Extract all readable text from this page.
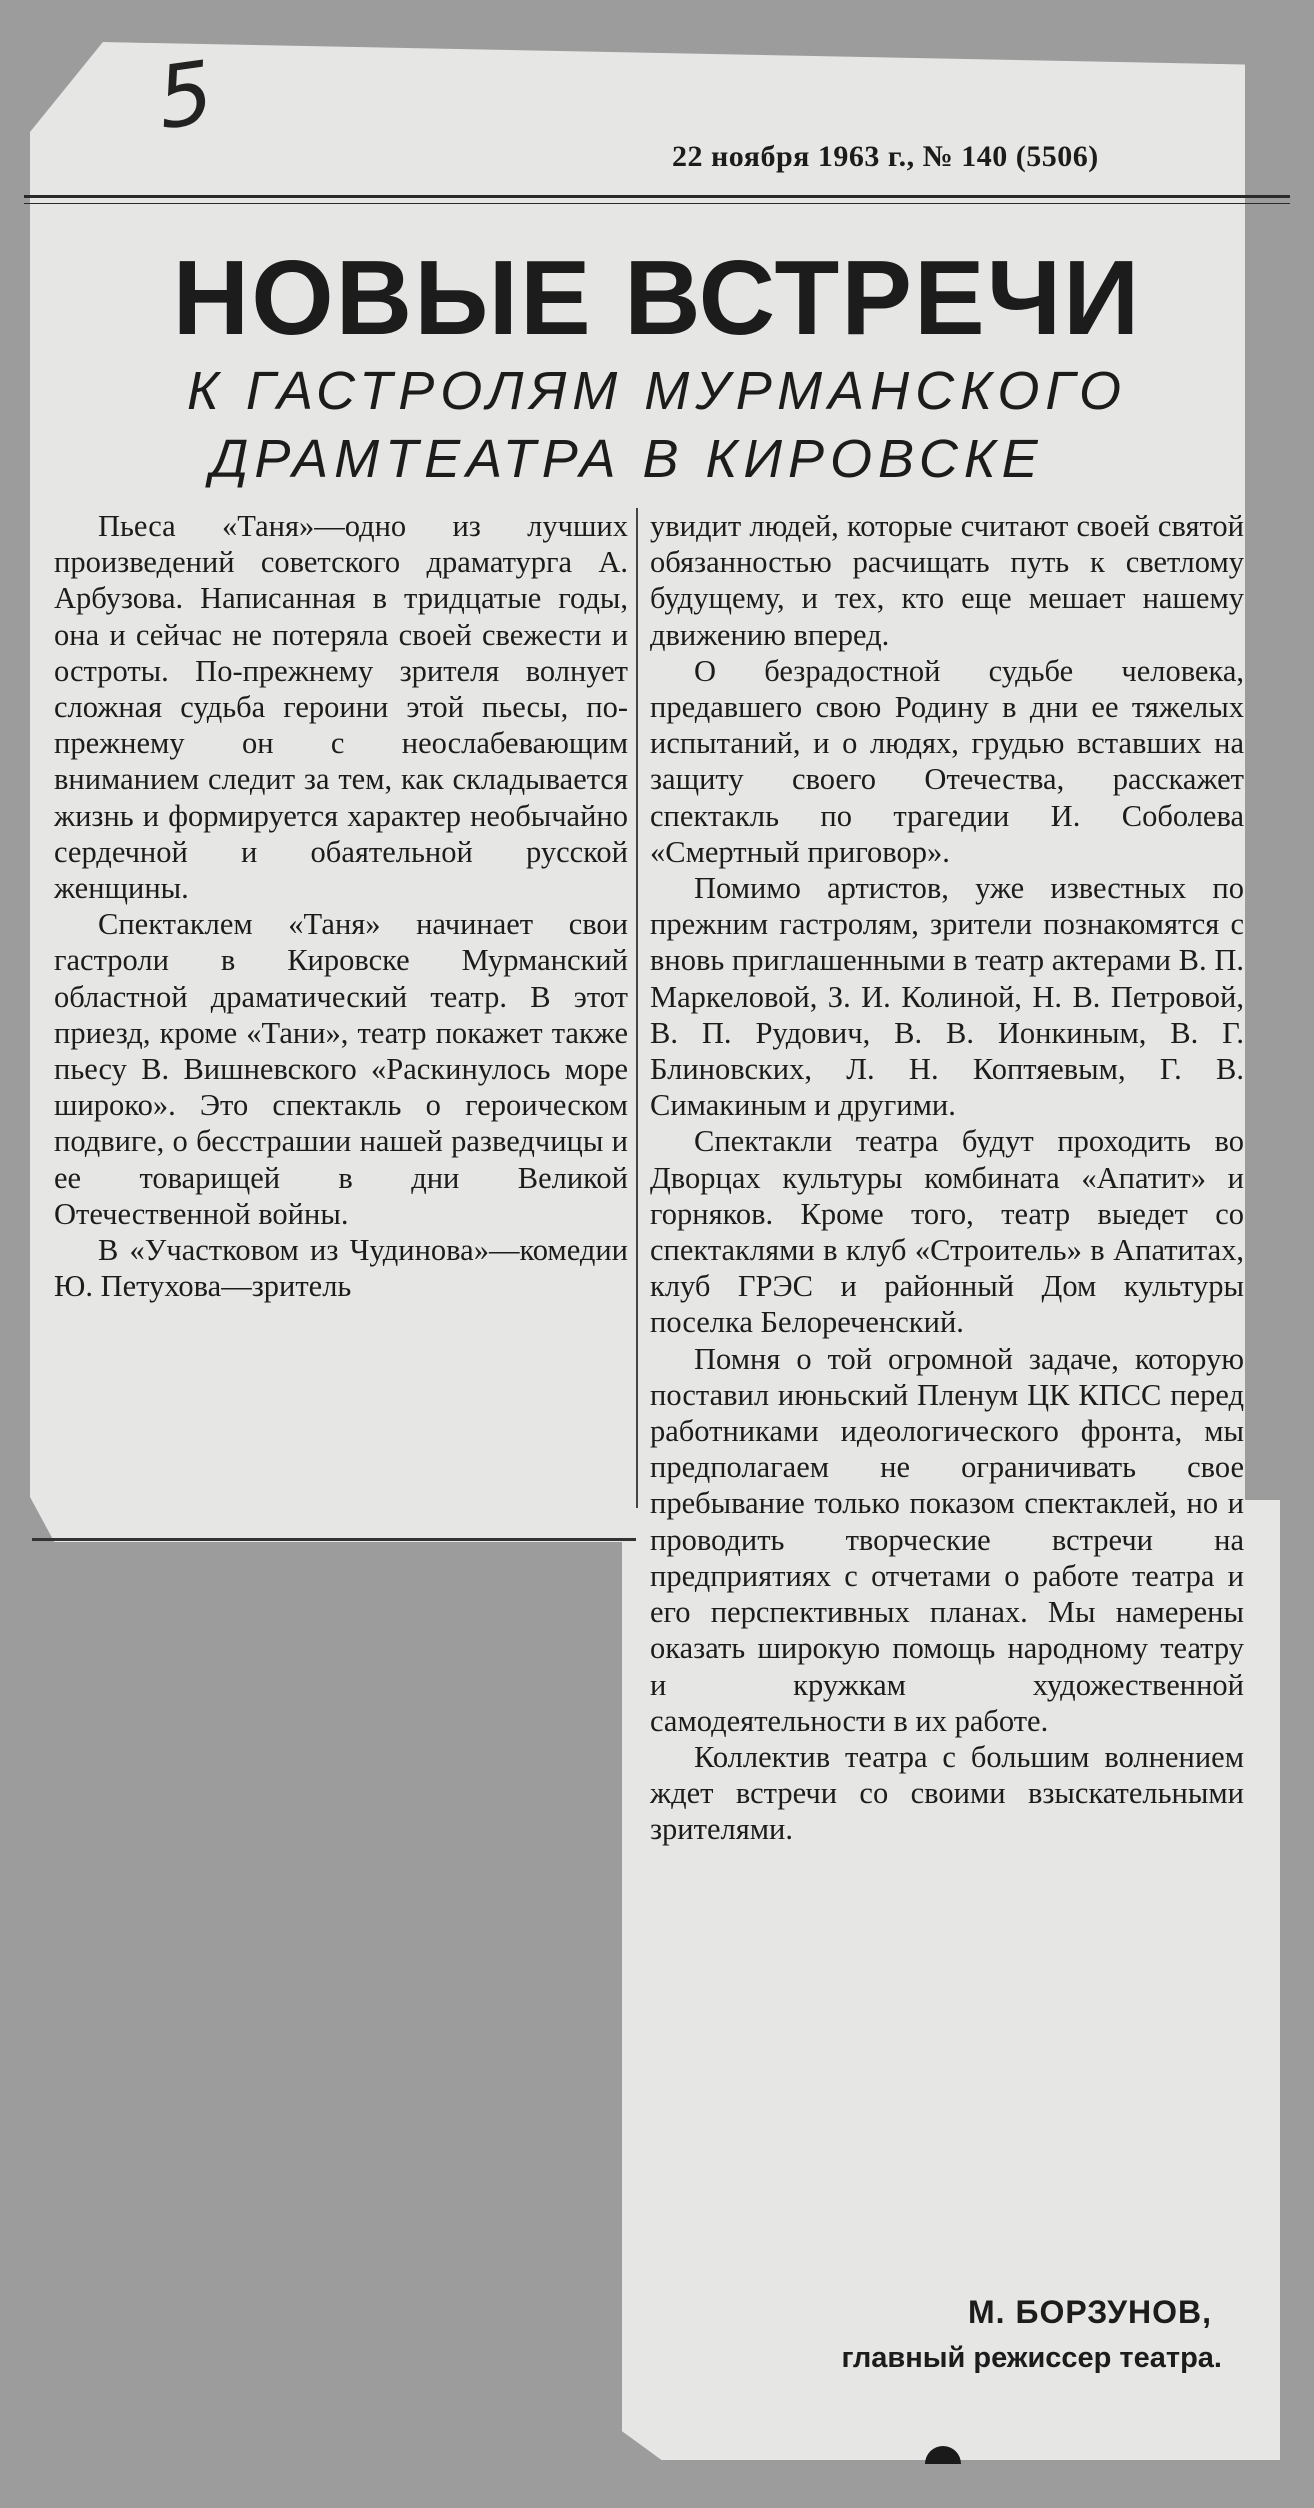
5
22 ноября 1963 г., № 140 (5506)
НОВЫЕ ВСТРЕЧИ
К ГАСТРОЛЯМ МУРМАНСКОГО
ДРАМТЕАТРА В КИРОВСКЕ

Пьеса «Таня»—одно из лучших произведений советского драматурга А. Арбузова. Написанная в тридцатые годы, она и сейчас не потеряла своей свежести и остроты. По-прежнему зрителя волнует сложная судьба героини этой пьесы, по-прежнему он с неослабевающим вниманием следит за тем, как складывается жизнь и формируется характер необычайно сердечной и обаятельной русской женщины.

Спектаклем «Таня» начинает свои гастроли в Кировске Мурманский областной драматический театр. В этот приезд, кроме «Тани», театр покажет также пьесу В. Вишневского «Раскинулось море широко». Это спектакль о героическом подвиге, о бесстрашии нашей разведчицы и ее товарищей в дни Великой Отечественной войны.

В «Участковом из Чудинова»—комедии Ю. Петухова—зритель

увидит людей, которые считают своей святой обязанностью расчищать путь к светлому будущему, и тех, кто еще мешает нашему движению вперед.

О безрадостной судьбе человека, предавшего свою Родину в дни ее тяжелых испытаний, и о людях, грудью вставших на защиту своего Отечества, расскажет спектакль по трагедии И. Соболева «Смертный приговор».

Помимо артистов, уже известных по прежним гастролям, зрители познакомятся с вновь приглашенными в театр актерами В. П. Маркеловой, З. И. Колиной, Н. В. Петровой, В. П. Рудович, В. В. Ионкиным, В. Г. Блиновских, Л. Н. Коптяевым, Г. В. Симакиным и другими.

Спектакли театра будут проходить во Дворцах культуры комбината «Апатит» и горняков. Кроме того, театр выедет со спектаклями в клуб «Строитель» в Апатитах, клуб ГРЭС и районный Дом культуры поселка Белореченский.

Помня о той огромной задаче, которую поставил июньский Пленум ЦК КПСС перед работниками идеологического фронта, мы предполагаем не ограничивать свое пребывание только показом спектаклей, но и проводить творческие встречи на предприятиях с отчетами о работе театра и его перспективных планах. Мы намерены оказать широкую помощь народному театру и кружкам художественной самодеятельности в их работе.

Коллектив театра с большим волнением ждет встречи со своими взыскательными зрителями.

М. БОРЗУНОВ,
главный режиссер театра.
